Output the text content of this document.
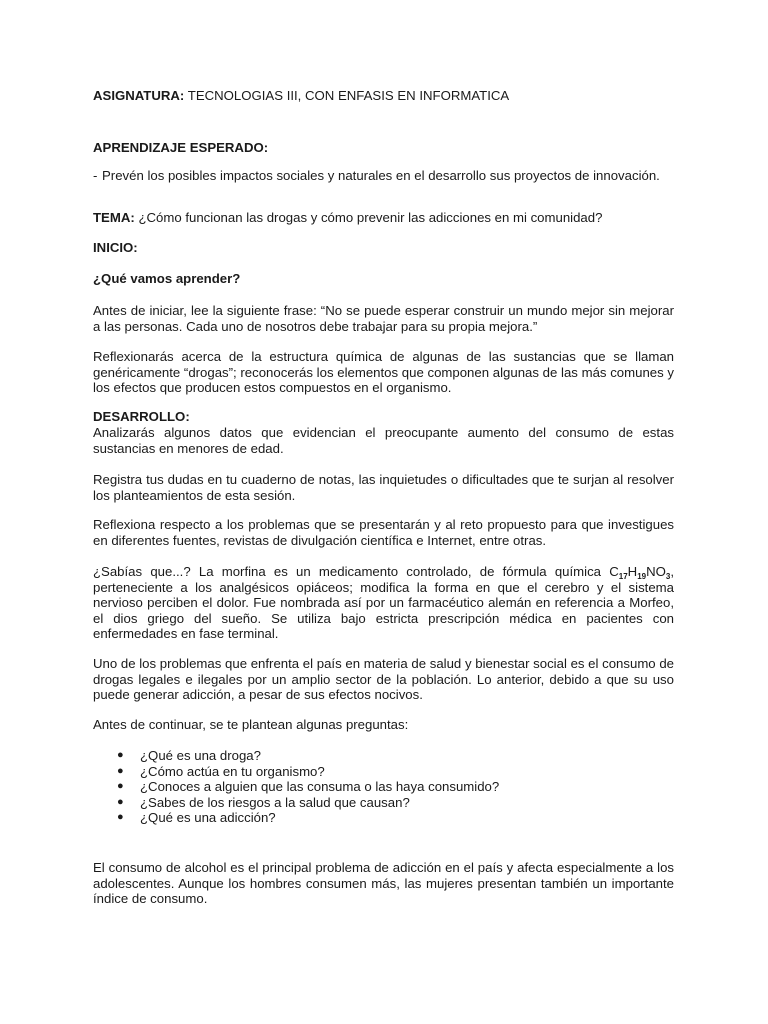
ASIGNATURA: TECNOLOGIAS III, CON ENFASIS EN INFORMATICA

APRENDIZAJE ESPERADO:

- Prevén los posibles impactos sociales y naturales en el desarrollo sus proyectos de innovación.

TEMA: ¿Cómo funcionan las drogas y cómo prevenir las adicciones en mi comunidad?

INICIO:

¿Qué vamos aprender?

Antes de iniciar, lee la siguiente frase: “No se puede esperar construir un mundo mejor sin mejorar a las personas. Cada uno de nosotros debe trabajar para su propia mejora.”

Reflexionarás acerca de la estructura química de algunas de las sustancias que se llaman genéricamente “drogas”; reconocerás los elementos que componen algunas de las más comunes y los efectos que producen estos compuestos en el organismo.

DESARROLLO:

Analizarás algunos datos que evidencian el preocupante aumento del consumo de estas sustancias en menores de edad.

Registra tus dudas en tu cuaderno de notas, las inquietudes o dificultades que te surjan al resolver los planteamientos de esta sesión.

Reflexiona respecto a los problemas que se presentarán y al reto propuesto para que investigues en diferentes fuentes, revistas de divulgación científica e Internet, entre otras.

¿Sabías que...? La morfina es un medicamento controlado, de fórmula química $C_{17}H_{19}NO_3$, perteneciente a los analgésicos opiáceos; modifica la forma en que el cerebro y el sistema nervioso perciben el dolor. Fue nombrada así por un farmacéutico alemán en referencia a Morfeo, el dios griego del sueño. Se utiliza bajo estricta prescripción médica en pacientes con enfermedades en fase terminal.

Uno de los problemas que enfrenta el país en materia de salud y bienestar social es el consumo de drogas legales e ilegales por un amplio sector de la población. Lo anterior, debido a que su uso puede generar adicción, a pesar de sus efectos nocivos.

Antes de continuar, se te plantean algunas preguntas:

● ¿Qué es una droga?
● ¿Cómo actúa en tu organismo?
● ¿Conoces a alguien que las consuma o las haya consumido?
● ¿Sabes de los riesgos a la salud que causan?
● ¿Qué es una adicción?

El consumo de alcohol es el principal problema de adicción en el país y afecta especialmente a los adolescentes. Aunque los hombres consumen más, las mujeres presentan también un importante índice de consumo.
